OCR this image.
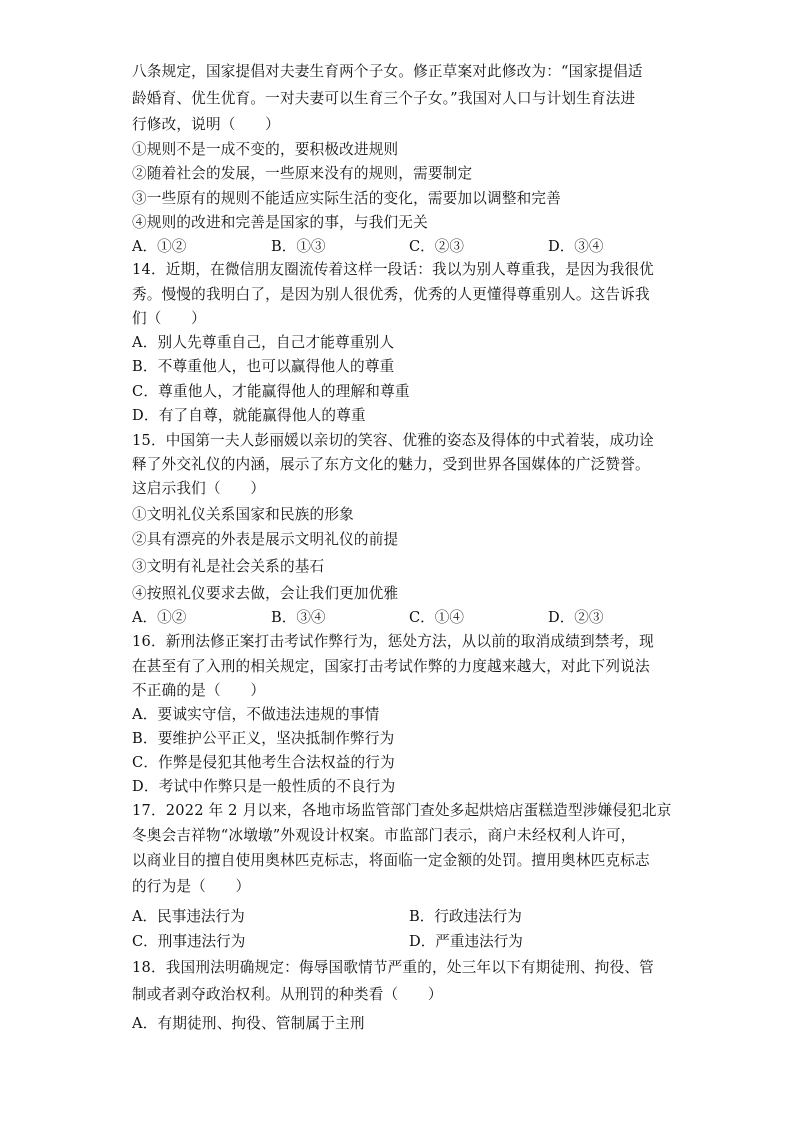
八条规定，国家提倡对夫妻生育两个子女。修正草案对此修改为：“国家提倡适
龄婚育、优生优育。一对夫妻可以生育三个子女。”我国对人口与计划生育法进
行修改，说明（　　）
①规则不是一成不变的，要积极改进规则
②随着社会的发展，一些原来没有的规则，需要制定
③一些原有的规则不能适应实际生活的变化，需要加以调整和完善
④规则的改进和完善是国家的事，与我们无关
A．①②	B．①③	C．②③	D．③④
14．近期，在微信朋友圈流传着这样一段话：我以为别人尊重我，是因为我很优
秀。慢慢的我明白了，是因为别人很优秀，优秀的人更懂得尊重别人。这告诉我
们（　　）
A．别人先尊重自己，自己才能尊重别人
B．不尊重他人，也可以赢得他人的尊重
C．尊重他人，才能赢得他人的理解和尊重
D．有了自尊，就能赢得他人的尊重
15．中国第一夫人彭丽媛以亲切的笑容、优雅的姿态及得体的中式着装，成功诠
释了外交礼仪的内涵，展示了东方文化的魅力，受到世界各国媒体的广泛赞誉。
这启示我们（　　）
①文明礼仪关系国家和民族的形象
②具有漂亮的外表是展示文明礼仪的前提
③文明有礼是社会关系的基石
④按照礼仪要求去做，会让我们更加优雅
A．①②	B．③④	C．①④	D．②③
16．新刑法修正案打击考试作弊行为，惩处方法，从以前的取消成绩到禁考，现
在甚至有了入刑的相关规定，国家打击考试作弊的力度越来越大，对此下列说法
不正确的是（　　）
A．要诚实守信，不做违法违规的事情
B．要维护公平正义，坚决抵制作弊行为
C．作弊是侵犯其他考生合法权益的行为
D．考试中作弊只是一般性质的不良行为
17．2022 年 2 月以来，各地市场监管部门查处多起烘焙店蛋糕造型涉嫌侵犯北京
冬奥会吉祥物“冰墩墩”外观设计权案。市监部门表示，商户未经权利人许可，
以商业目的擅自使用奥林匹克标志，将面临一定金额的处罚。擅用奥林匹克标志
的行为是（　　）
A．民事违法行为	B．行政违法行为
C．刑事违法行为	D．严重违法行为
18．我国刑法明确规定：侮辱国歌情节严重的，处三年以下有期徒刑、拘役、管
制或者剥夺政治权利。从刑罚的种类看（　　）
A．有期徒刑、拘役、管制属于主刑
